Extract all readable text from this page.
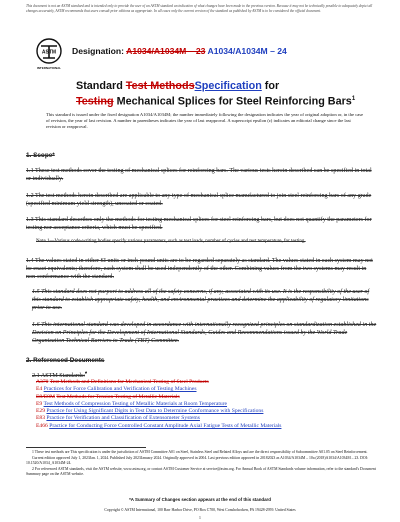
This document is not an ASTM standard and is intended only to provide the user of an ASTM standard an indication of what changes have been made to the previous version. Because it may not be technically possible to adequately depict all changes accurately, ASTM recommends that users consult prior editions as appropriate. In all cases only the current version of the standard as published by ASTM is to be considered the official document.
ASTM
INTERNATIONAL
Designation: A1034/A1034M – 23 A1034/A1034M – 24
Standard Test MethodsSpecification for
Testing Mechanical Splices for Steel Reinforcing Bars$^1$
This standard is issued under the fixed designation A1034/A1034M; the number immediately following the designation indicates the year of original adoption or, in the case of revision, the year of last revision. A number in parentheses indicates the year of last reapproval. A superscript epsilon (ε) indicates an editorial change since the last revision or reapproval.
1. Scope*
1.1 These test methods cover the testing of mechanical splices for reinforcing bars. The various tests herein described can be specified in total or individually.
1.2 The test methods herein described are applicable to any type of mechanical splice manufactured to join steel reinforcing bars of any grade (specified minimum yield strength), uncoated or coated.
1.3 This standard describes only the methods for testing mechanical splices for steel reinforcing bars, but does not quantify the parameters for testing nor acceptance criteria, which must be specified.
Note 1—Various code-writing bodies specify various parameters, such as test loads, number of cycles and test temperature, for testing.
1.4 The values stated in either SI units or inch-pound units are to be regarded separately as standard. The values stated in each system may not be exact equivalents; therefore, each system shall be used independently of the other. Combining values from the two systems may result in non-conformance with the standard.
1.5 This standard does not purport to address all of the safety concerns, if any, associated with its use. It is the responsibility of the user of this standard to establish appropriate safety, health, and environmental practices and determine the applicability of regulatory limitations prior to use.
1.6 This international standard was developed in accordance with internationally recognized principles on standardization established in the Decision on Principles for the Development of International Standards, Guides and Recommendations issued by the World Trade Organization Technical Barriers to Trade (TBT) Committee.
2. Referenced Documents
2.1 ASTM Standards:$^2$
A370 Test Methods and Definitions for Mechanical Testing of Steel Products
E4 Practices for Force Calibration and Verification of Testing Machines
E8/E8M Test Methods for Tension Testing of Metallic Materials
E9 Test Methods of Compression Testing of Metallic Materials at Room Temperature
E29 Practice for Using Significant Digits in Test Data to Determine Conformance with Specifications
E83 Practice for Verification and Classification of Extensometer Systems
E466 Practice for Conducting Force Controlled Constant Amplitude Axial Fatigue Tests of Metallic Materials

1 These test methods are This specification is under the jurisdiction of ASTM Committee A01 on Steel, Stainless Steel and Related Alloys and are the direct responsibility of Subcommittee A01.05 on Steel Reinforcement.

Current edition approved July 1, 2023Jan. 1, 2024. Published July 2023January 2024. Originally approved in 2004. Last previous edition approved in 20182023 as A1034/A1034M – 10a (2018)A1034/A1034M – 23. DOI: 10.1520/A1034_A1034M-24.

2 For referenced ASTM standards, visit the ASTM website, www.astm.org, or contact ASTM Customer Service at service@astm.org. For Annual Book of ASTM Standards volume information, refer to the standard's Document Summary page on the ASTM website.

*A Summary of Changes section appears at the end of this standard
Copyright © ASTM International, 100 Barr Harbor Drive, PO Box C700, West Conshohocken, PA 19428-2959. United States
1
